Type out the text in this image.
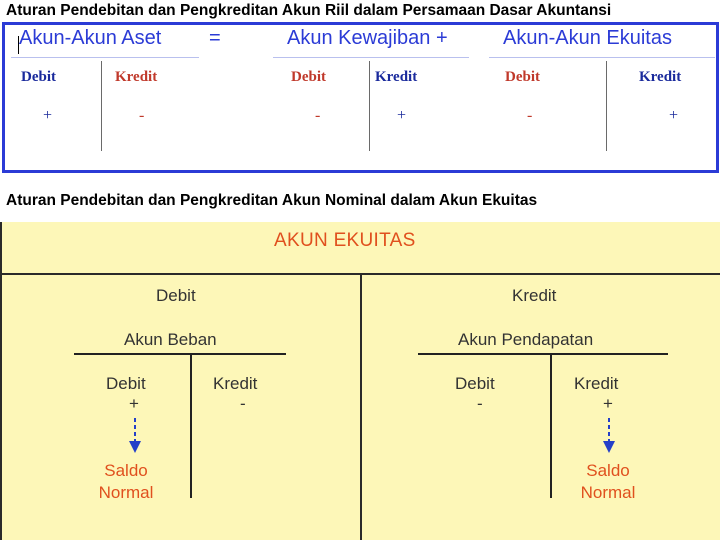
Aturan Pendebitan dan Pengkreditan Akun Riil dalam Persamaan Dasar Akuntansi
Akun-Akun Aset =	Akun Kewajiban +	Akun-Akun Ekuitas
Debit	Kredit
+	-
Debit	Kredit
-	+
Debit	Kredit
-	+
Aturan Pendebitan dan Pengkreditan Akun Nominal dalam Akun Ekuitas
AKUN EKUITAS
Debit
Akun Beban
Debit
+
Kredit
-
Saldo
Normal
Kredit
Akun Pendapatan
Debit
-
Kredit
+
Saldo
Normal
